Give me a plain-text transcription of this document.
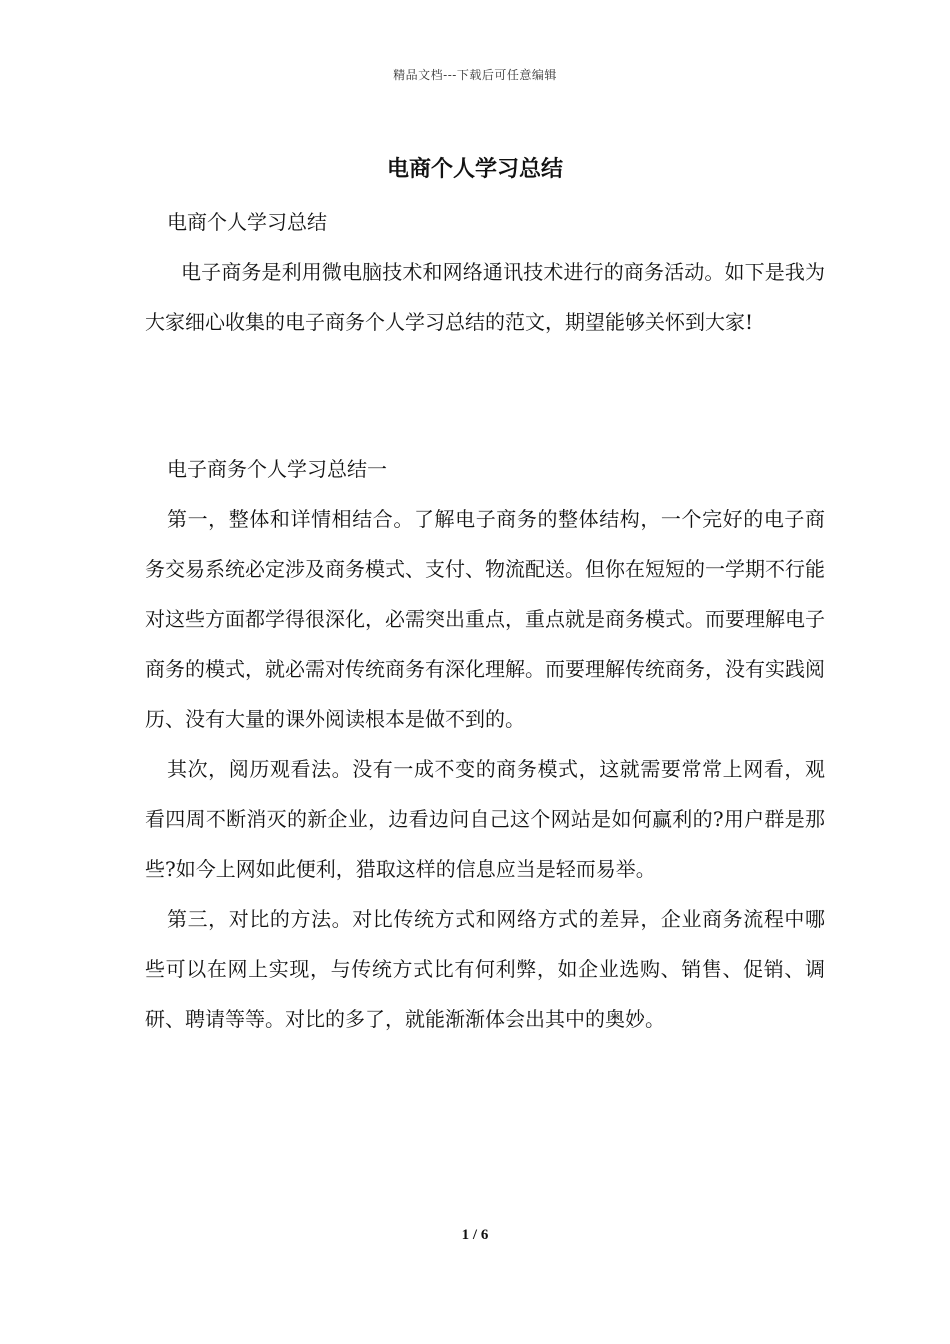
精品文档---下载后可任意编辑
电商个人学习总结

电商个人学习总结

电子商务是利用微电脑技术和网络通讯技术进行的商务活动。如下是我为大家细心收集的电子商务个人学习总结的范文，期望能够关怀到大家!

电子商务个人学习总结一

第一，整体和详情相结合。了解电子商务的整体结构，一个完好的电子商务交易系统必定涉及商务模式、支付、物流配送。但你在短短的一学期不行能对这些方面都学得很深化，必需突出重点，重点就是商务模式。而要理解电子商务的模式，就必需对传统商务有深化理解。而要理解传统商务，没有实践阅历、没有大量的课外阅读根本是做不到的。

其次，阅历观看法。没有一成不变的商务模式，这就需要常常上网看，观看四周不断消灭的新企业，边看边问自己这个网站是如何赢利的?用户群是那些?如今上网如此便利，猎取这样的信息应当是轻而易举。

第三，对比的方法。对比传统方式和网络方式的差异，企业商务流程中哪些可以在网上实现，与传统方式比有何利弊，如企业选购、销售、促销、调研、聘请等等。对比的多了，就能渐渐体会出其中的奥妙。

1 / 6
